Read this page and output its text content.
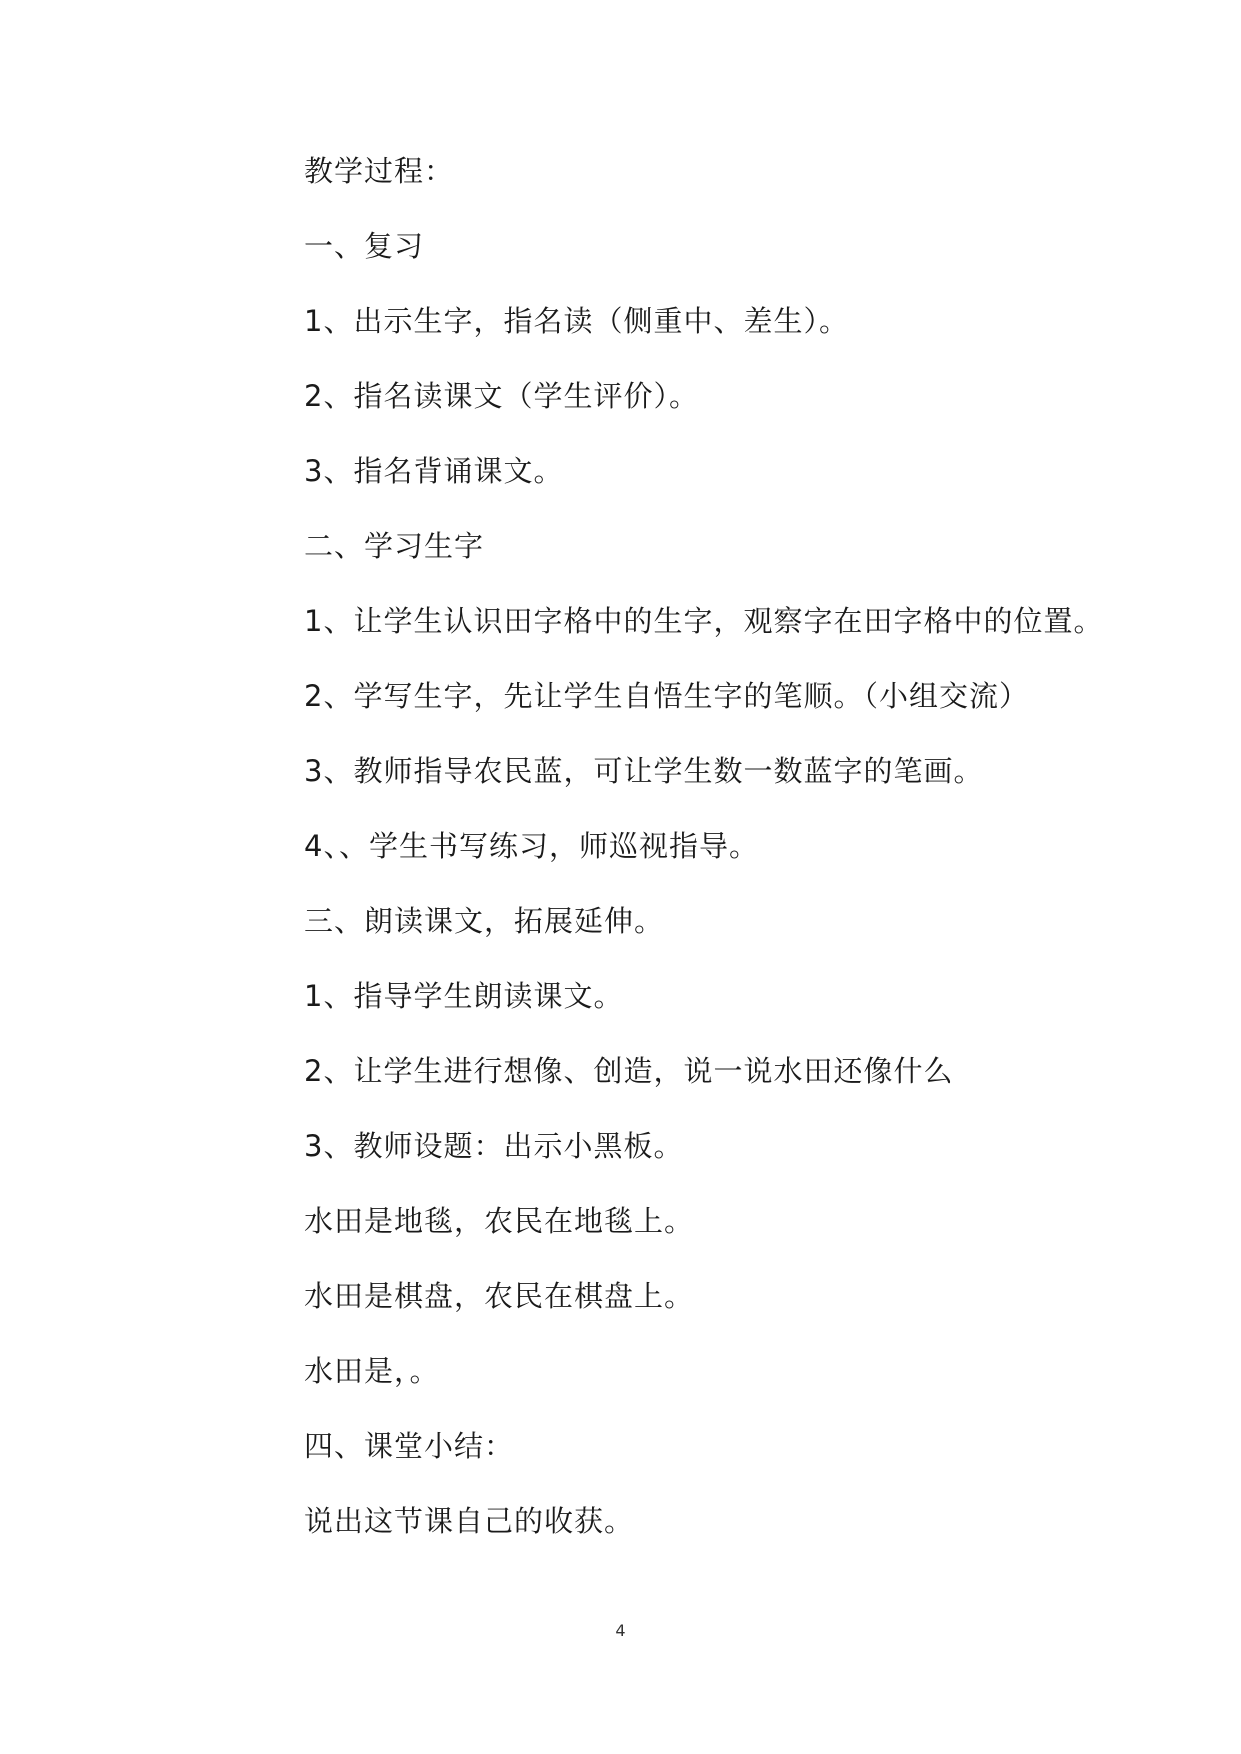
教学过程：
一、复习
1、出示生字，指名读（侧重中、差生）。
2、指名读课文（学生评价）。
3、指名背诵课文。
二、学习生字
1、让学生认识田字格中的生字，观察字在田字格中的位置。
2、学写生字，先让学生自悟生字的笔顺。（小组交流）
3、教师指导农民蓝，可让学生数一数蓝字的笔画。
4、、学生书写练习，师巡视指导。
三、朗读课文，拓展延伸。
1、指导学生朗读课文。
2、让学生进行想像、创造，说一说水田还像什么
3、教师设题：出示小黑板。
水田是地毯，农民在地毯上。
水田是棋盘，农民在棋盘上。
水田是，。
四、课堂小结：
说出这节课自己的收获。
4
